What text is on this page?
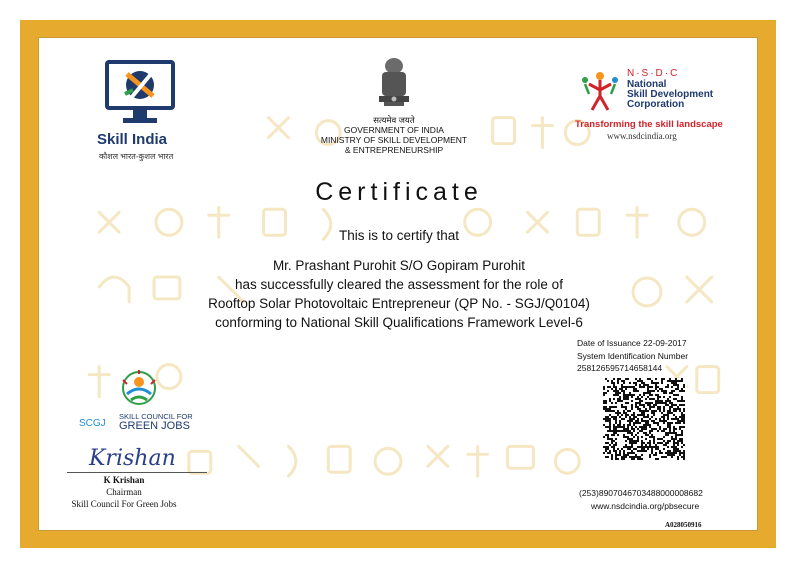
Skill India
कौशल भारत-कुशल भारत
सत्यमेव जयते
GOVERNMENT OF INDIA
MINISTRY OF SKILL DEVELOPMENT
& ENTREPRENEURSHIP
N·S·D·C
National
Skill Development
Corporation
Transforming the skill landscape
www.nsdcindia.org
Certificate
This is to certify that
Mr. Prashant Purohit S/O Gopiram Purohit
has successfully cleared the assessment for the role of
Rooftop Solar Photovoltaic Entrepreneur (QP No. - SGJ/Q0104)
conforming to National Skill Qualifications Framework Level-6
Date of Issuance 22-09-2017
System Identification Number
2581265957146581​44
(253)8907046703488000008682
www.nsdcindia.org/pbsecure
A028050916
SCGJ
SKILL COUNCIL FOR
GREEN JOBS
Krishan
K Krishan
Chairman
Skill Council For Green Jobs
